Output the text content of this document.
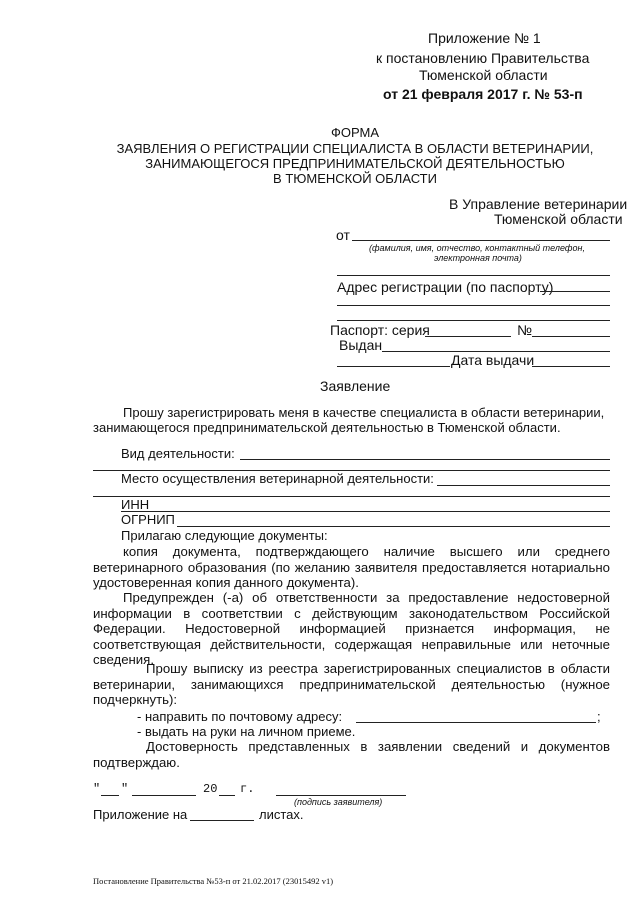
Приложение № 1
к постановлению Правительства
Тюменской области
от 21 февраля 2017 г. № 53-п
ФОРМА
ЗАЯВЛЕНИЯ О РЕГИСТРАЦИИ СПЕЦИАЛИСТА В ОБЛАСТИ ВЕТЕРИНАРИИ,
ЗАНИМАЮЩЕГОСЯ ПРЕДПРИНИМАТЕЛЬСКОЙ ДЕЯТЕЛЬНОСТЬЮ
В ТЮМЕНСКОЙ ОБЛАСТИ
В Управление ветеринарии
Тюменской области
от
(фамилия, имя, отчество, контактный телефон,
электронная почта)
Адрес регистрации (по паспорту)
Паспорт: серия	№
Выдан
Дата выдачи
Заявление
Прошу зарегистрировать меня в качестве специалиста в области ветеринарии,
занимающегося предпринимательской деятельностью в Тюменской области.
Вид деятельности:
Место осуществления ветеринарной деятельности:
ИНН
ОГРНИП
Прилагаю следующие документы:
копия документа, подтверждающего наличие высшего или среднего ветеринарного образования (по желанию заявителя предоставляется нотариально удостоверенная копия данного документа).
Предупрежден (-а) об ответственности за предоставление недостоверной информации в соответствии с действующим законодательством Российской Федерации. Недостоверной информацией признается информация, не соответствующая действительности, содержащая неправильные или неточные сведения.
Прошу выписку из реестра зарегистрированных специалистов в области ветеринарии, занимающихся предпринимательской деятельностью (нужное подчеркнуть):
- направить по почтовому адресу:	;
- выдать на руки на личном приеме.
Достоверность представленных в заявлении сведений и документов подтверждаю.
" "	20 г.
(подпись заявителя)
Приложение на	листах.
Постановление Правительства №53-п от 21.02.2017 (23015492 v1)
